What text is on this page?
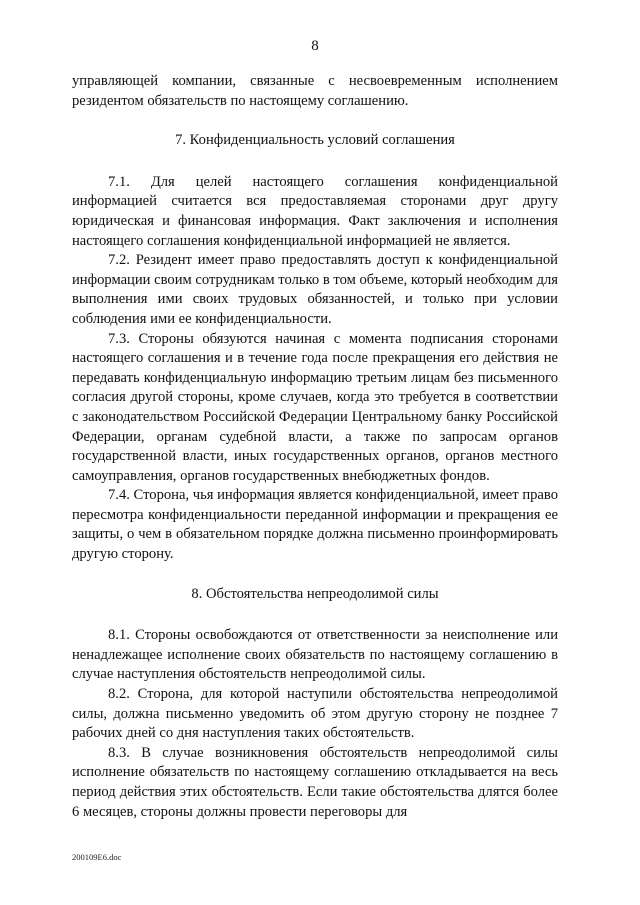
8

управляющей компании, связанные с несвоевременным исполнением резидентом обязательств по настоящему соглашению.

7. Конфиденциальность условий соглашения

7.1. Для целей настоящего соглашения конфиденциальной информацией считается вся предоставляемая сторонами друг другу юридическая и финансовая информация. Факт заключения и исполнения настоящего соглашения конфиденциальной информацией не является.

7.2. Резидент имеет право предоставлять доступ к конфиденциальной информации своим сотрудникам только в том объеме, который необходим для выполнения ими своих трудовых обязанностей, и только при условии соблюдения ими ее конфиденциальности.

7.3. Стороны обязуются начиная с момента подписания сторонами настоящего соглашения и в течение года после прекращения его действия не передавать конфиденциальную информацию третьим лицам без письменного согласия другой стороны, кроме случаев, когда это требуется в соответствии с законодательством Российской Федерации Центральному банку Российской Федерации, органам судебной власти, а также по запросам органов государственной власти, иных государственных органов, органов местного самоуправления, органов государственных внебюджетных фондов.

7.4. Сторона, чья информация является конфиденциальной, имеет право пересмотра конфиденциальности переданной информации и прекращения ее защиты, о чем в обязательном порядке должна письменно проинформировать другую сторону.

8. Обстоятельства непреодолимой силы

8.1. Стороны освобождаются от ответственности за неисполнение или ненадлежащее исполнение своих обязательств по настоящему соглашению в случае наступления обстоятельств непреодолимой силы.

8.2. Сторона, для которой наступили обстоятельства непреодолимой силы, должна письменно уведомить об этом другую сторону не позднее 7 рабочих дней со дня наступления таких обстоятельств.

8.3. В случае возникновения обстоятельств непреодолимой силы исполнение обязательств по настоящему соглашению откладывается на весь период действия этих обстоятельств. Если такие обстоятельства длятся более 6 месяцев, стороны должны провести переговоры для

200109Е6.doc
